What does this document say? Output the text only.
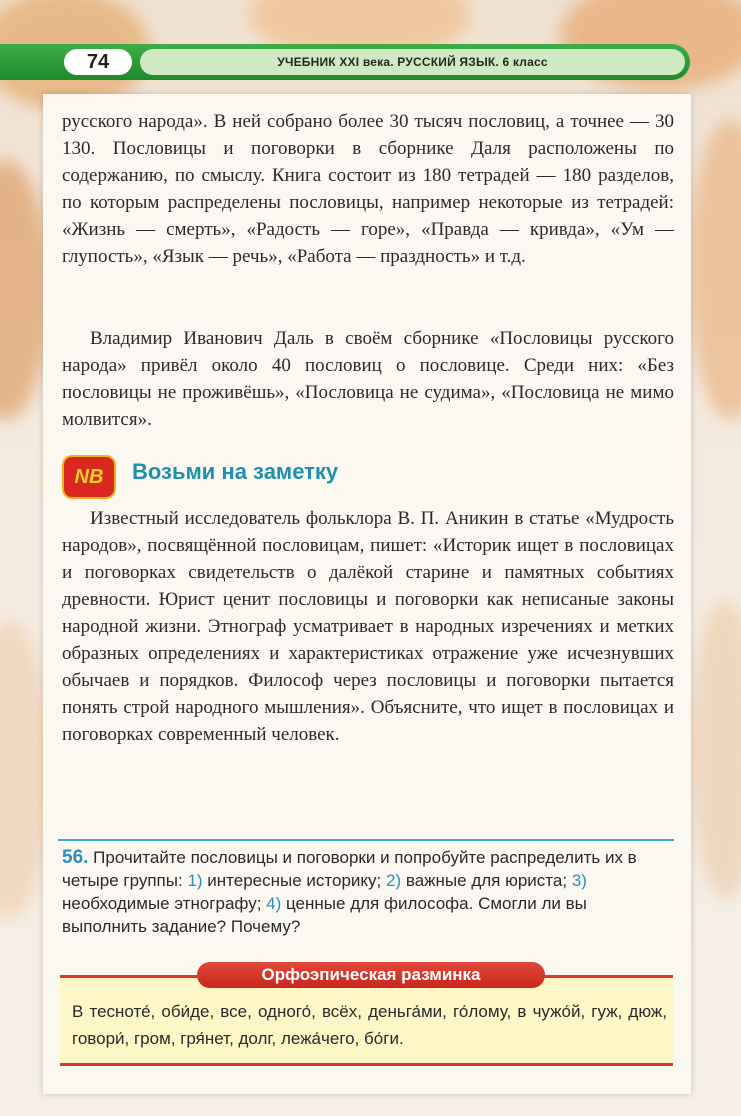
74	УЧЕБНИК XXI века. РУССКИЙ ЯЗЫК. 6 класс
русского народа». В ней собрано более 30 тысяч пословиц, а точнее — 30 130. Пословицы и поговорки в сборнике Даля расположены по содержанию, по смыслу. Книга состоит из 180 тетрадей — 180 разделов, по которым распределены пословицы, например некоторые из тетрадей: «Жизнь — смерть», «Радость — горе», «Правда — кривда», «Ум — глупость», «Язык — речь», «Работа — праздность» и т.д.
Владимир Иванович Даль в своём сборнике «Пословицы русского народа» привёл около 40 пословиц о пословице. Среди них: «Без пословицы не проживёшь», «Пословица не судима», «Пословица не мимо молвится».
NB	Возьми на заметку
Известный исследователь фольклора В. П. Аникин в статье «Мудрость народов», посвящённой пословицам, пишет: «Историк ищет в пословицах и поговорках свидетельств о далёкой старине и памятных событиях древности. Юрист ценит пословицы и поговорки как неписаные законы народной жизни. Этнограф усматривает в народных изречениях и метких образных определениях и характеристиках отражение уже исчезнувших обычаев и порядков. Философ через пословицы и поговорки пытается понять строй народного мышления». Объясните, что ищет в пословицах и поговорках современный человек.
56. Прочитайте пословицы и поговорки и попробуйте распределить их в четыре группы: 1) интересные историку; 2) важные для юриста; 3) необходимые этнографу; 4) ценные для философа. Смогли ли вы выполнить задание? Почему?
Орфоэпическая разминка
В тесноте́, оби́де, все, одного́, всёх, деньга́ми, го́лому, в чужо́й, гуж, дюж, говори́, гром, гря́нет, долг, лежа́чего, бо́ги.
